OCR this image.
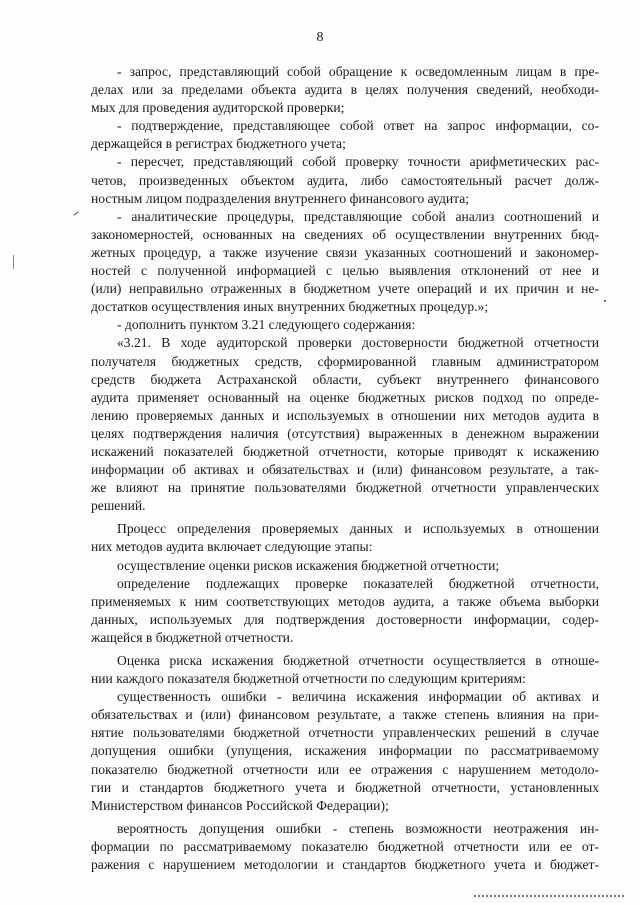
8
- запрос, представляющий собой обращение к осведомленным лицам в пре-
делах или за пределами объекта аудита в целях получения сведений, необходи-
мых для проведения аудиторской проверки;
- подтверждение, представляющее собой ответ на запрос информации, со-
держащейся в регистрах бюджетного учета;
- пересчет, представляющий собой проверку точности арифметических рас-
четов, произведенных объектом аудита, либо самостоятельный расчет долж-
ностным лицом подразделения внутреннего финансового аудита;
- аналитические процедуры, представляющие собой анализ соотношений и
закономерностей, основанных на сведениях об осуществлении внутренних бюд-
жетных процедур, а также изучение связи указанных соотношений и закономер-
ностей с полученной информацией с целью выявления отклонений от нее и
(или) неправильно отраженных в бюджетном учете операций и их причин и не-
достатков осуществления иных внутренних бюджетных процедур.»;
- дополнить пунктом 3.21 следующего содержания:
«3.21. В ходе аудиторской проверки достоверности бюджетной отчетности
получателя бюджетных средств, сформированной главным администратором
средств бюджета Астраханской области, субъект внутреннего финансового
аудита применяет основанный на оценке бюджетных рисков подход по опреде-
лению проверяемых данных и используемых в отношении них методов аудита в
целях подтверждения наличия (отсутствия) выраженных в денежном выражении
искажений показателей бюджетной отчетности, которые приводят к искажению
информации об активах и обязательствах и (или) финансовом результате, а так-
же влияют на принятие пользователями бюджетной отчетности управленческих
решений.
Процесс определения проверяемых данных и используемых в отношении
них методов аудита включает следующие этапы:
осуществление оценки рисков искажения бюджетной отчетности;
определение подлежащих проверке показателей бюджетной отчетности,
применяемых к ним соответствующих методов аудита, а также объема выборки
данных, используемых для подтверждения достоверности информации, содер-
жащейся в бюджетной отчетности.
Оценка риска искажения бюджетной отчетности осуществляется в отноше-
нии каждого показателя бюджетной отчетности по следующим критериям:
существенность ошибки - величина искажения информации об активах и
обязательствах и (или) финансовом результате, а также степень влияния на при-
нятие пользователями бюджетной отчетности управленческих решений в случае
допущения ошибки (упущения, искажения информации по рассматриваемому
показателю бюджетной отчетности или ее отражения с нарушением методоло-
гии и стандартов бюджетного учета и бюджетной отчетности, установленных
Министерством финансов Российской Федерации);
вероятность допущения ошибки - степень возможности неотражения ин-
формации по рассматриваемому показателю бюджетной отчетности или ее от-
ражения с нарушением методологии и стандартов бюджетного учета и бюджет-
